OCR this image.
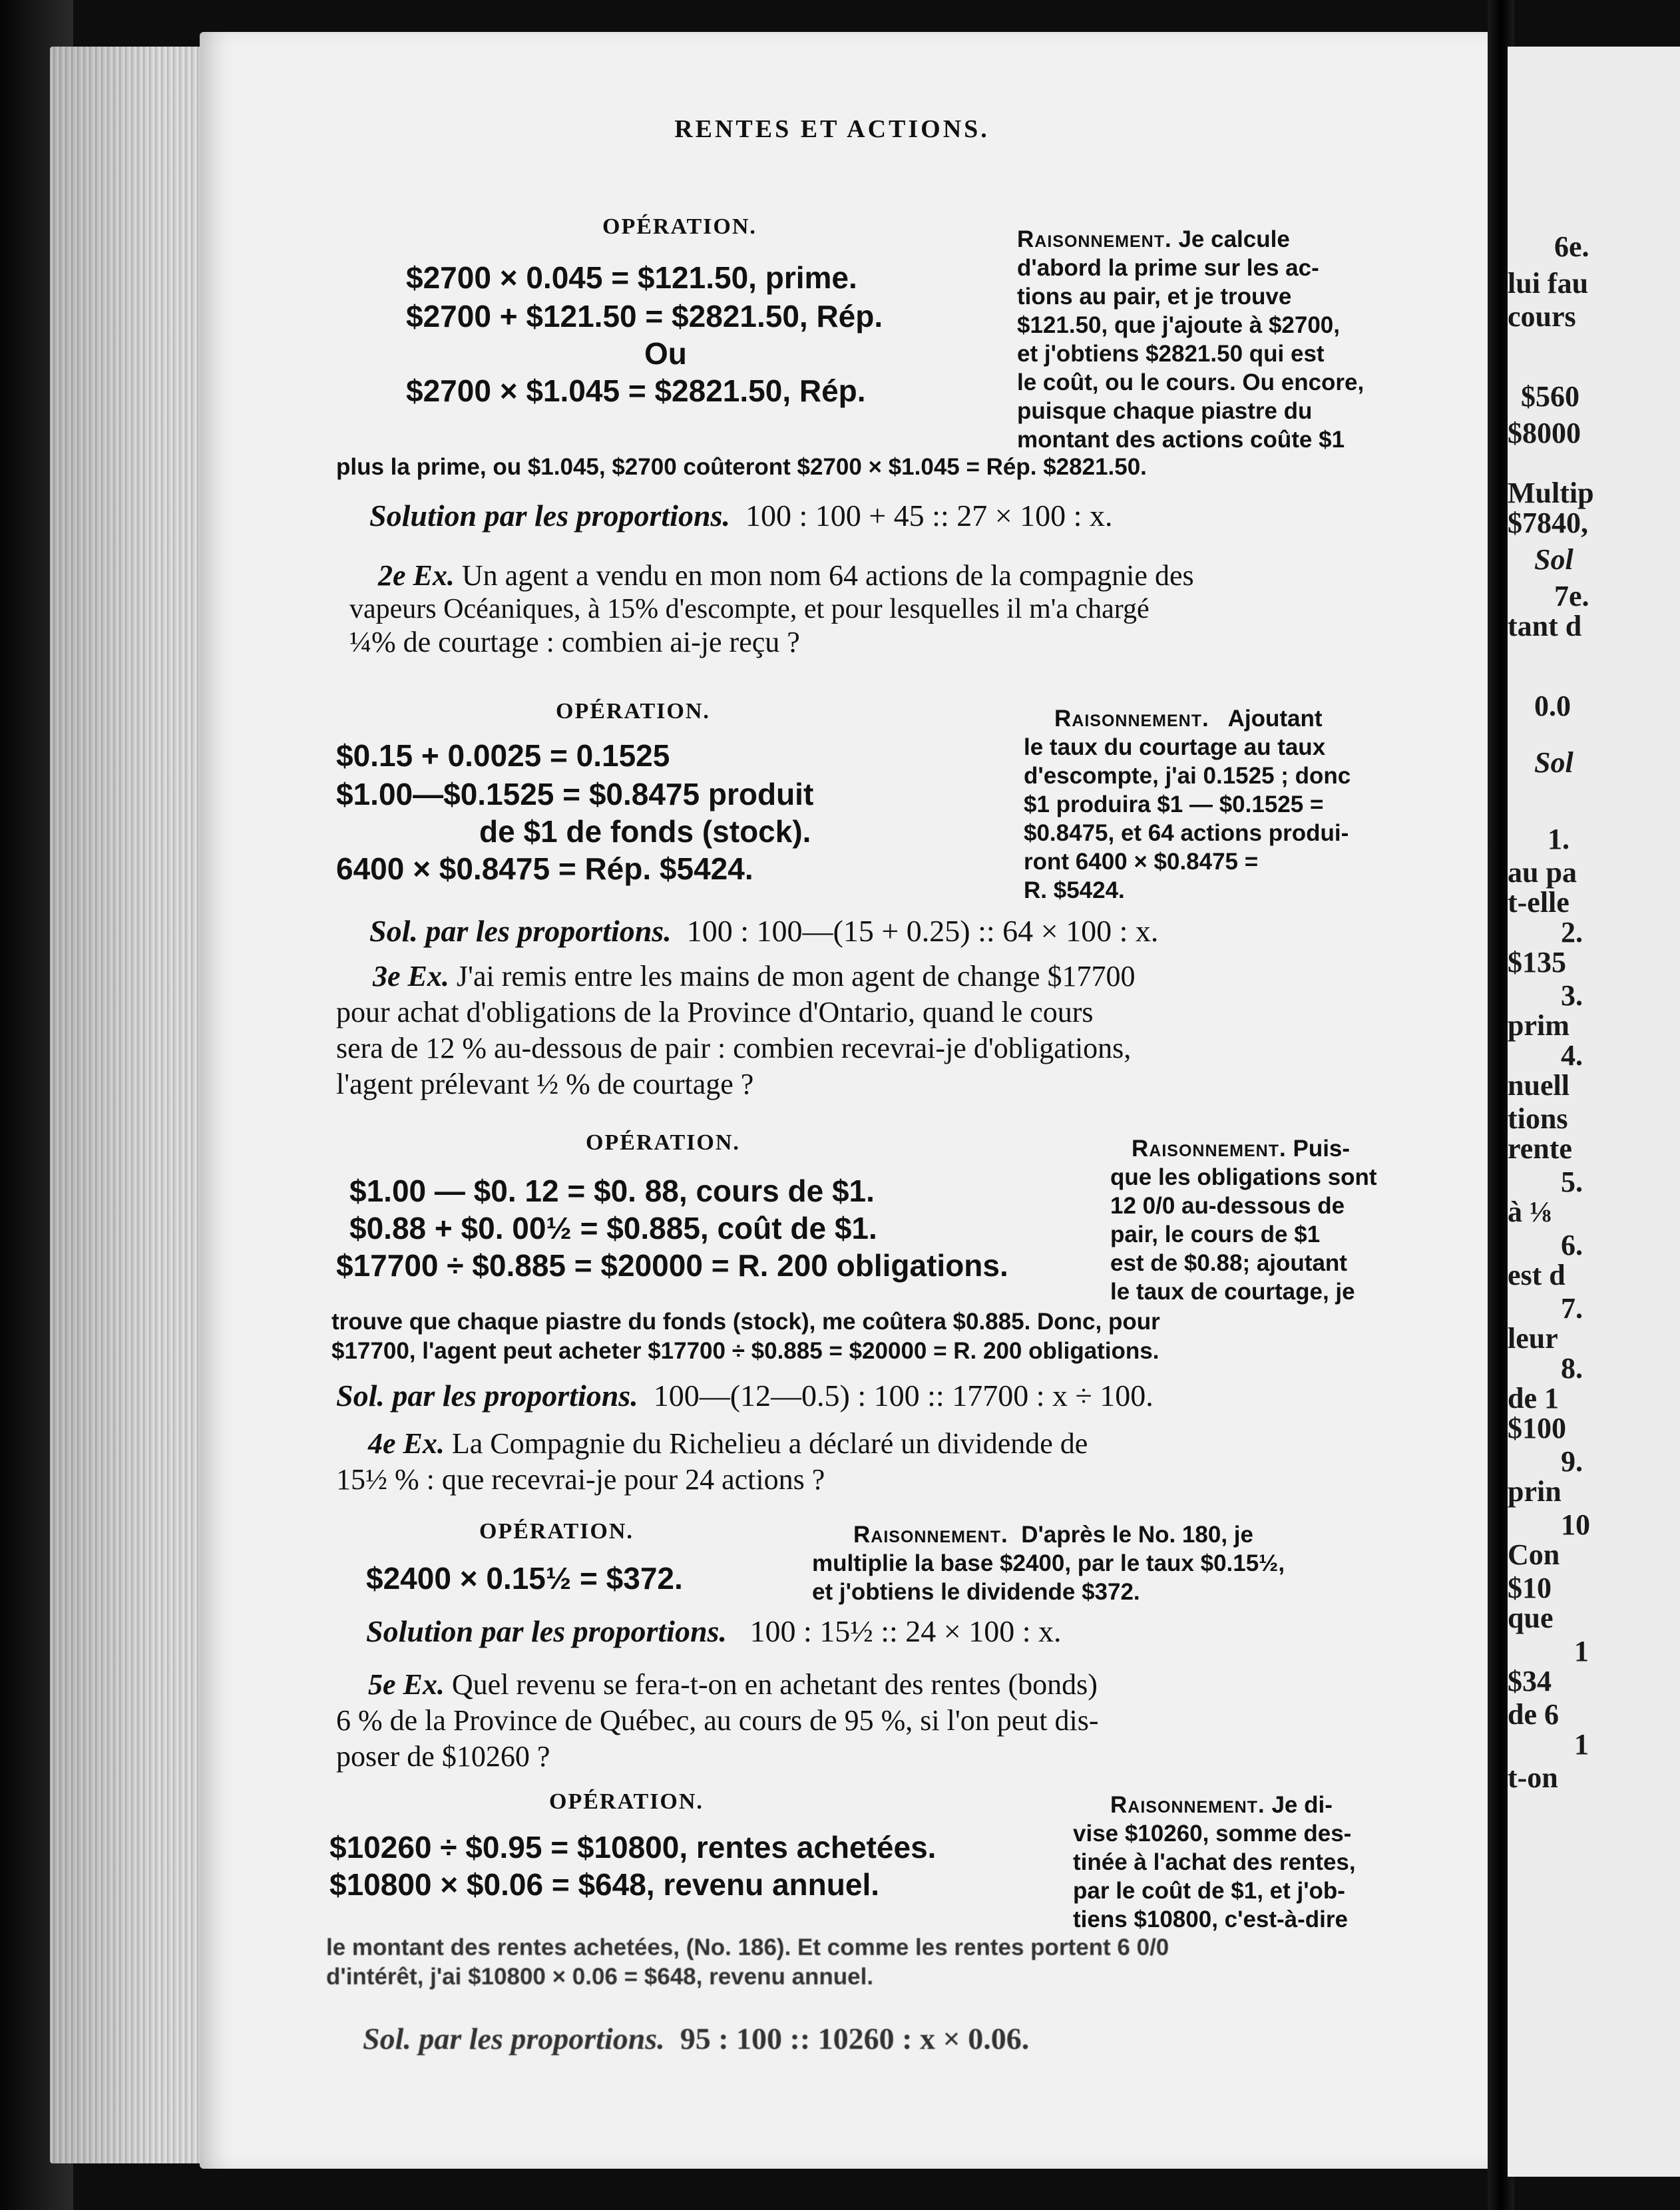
6e.
lui fau
cours
$560
$8000
Multip
$7840,
Sol
7e.
tant d
0.0
Sol
1.
au pa
t-elle
2.
$135
3.
prim
4.
nuell
tions
rente
5.
à ⅛
6.
est d
7.
leur
8.
de 1
$100
9.
prin
10
Con
$10
que
1
$34
de 6
1
t-on
RENTES ET ACTIONS.
OPÉRATION.
$2700 × 0.045 = $121.50, prime.
$2700 + $121.50 = $2821.50, Rép.
Ou
$2700 × $1.045 = $2821.50, Rép.
Raisonnement. Je calcule
d'abord la prime sur les ac-
tions au pair, et je trouve
$121.50, que j'ajoute à $2700,
et j'obtiens $2821.50 qui est
le coût, ou le cours. Ou encore,
puisque chaque piastre du
montant des actions coûte $1
plus la prime, ou $1.045, $2700 coûteront $2700 × $1.045 = Rép. $2821.50.
Solution par les proportions. 100 : 100 + 45 :: 27 × 100 : x.
2e Ex. Un agent a vendu en mon nom 64 actions de la compagnie des
vapeurs Océaniques, à 15% d'escompte, et pour lesquelles il m'a chargé
¼% de courtage : combien ai-je reçu ?
OPÉRATION.
$0.15 + 0.0025 = 0.1525
$1.00—$0.1525 = $0.8475 produit
de $1 de fonds (stock).
6400 × $0.8475 = Rép. $5424.
Raisonnement. Ajoutant
le taux du courtage au taux
d'escompte, j'ai 0.1525 ; donc
$1 produira $1 — $0.1525 =
$0.8475, et 64 actions produi-
ront 6400 × $0.8475 =
R. $5424.
Sol. par les proportions. 100 : 100—(15 + 0.25) :: 64 × 100 : x.
3e Ex. J'ai remis entre les mains de mon agent de change $17700
pour achat d'obligations de la Province d'Ontario, quand le cours
sera de 12 % au-dessous de pair : combien recevrai-je d'obligations,
l'agent prélevant ½ % de courtage ?
OPÉRATION.
$1.00 — $0. 12 = $0. 88, cours de $1.
$0.88 + $0. 00½ = $0.885, coût de $1.
$17700 ÷ $0.885 = $20000 = R. 200 obligations.
Raisonnement. Puis-
que les obligations sont
12 0/0 au-dessous de
pair, le cours de $1
est de $0.88; ajoutant
le taux de courtage, je
trouve que chaque piastre du fonds (stock), me coûtera $0.885. Donc, pour
$17700, l'agent peut acheter $17700 ÷ $0.885 = $20000 = R. 200 obligations.
Sol. par les proportions. 100—(12—0.5) : 100 :: 17700 : x ÷ 100.
4e Ex. La Compagnie du Richelieu a déclaré un dividende de
15½ % : que recevrai-je pour 24 actions ?
OPÉRATION.
$2400 × 0.15½ = $372.
Raisonnement. D'après le No. 180, je
multiplie la base $2400, par le taux $0.15½,
et j'obtiens le dividende $372.
Solution par les proportions. 100 : 15½ :: 24 × 100 : x.
5e Ex. Quel revenu se fera-t-on en achetant des rentes (bonds)
6 % de la Province de Québec, au cours de 95 %, si l'on peut dis-
poser de $10260 ?
OPÉRATION.
$10260 ÷ $0.95 = $10800, rentes achetées.
$10800 × $0.06 = $648, revenu annuel.
Raisonnement. Je di-
vise $10260, somme des-
tinée à l'achat des rentes,
par le coût de $1, et j'ob-
tiens $10800, c'est-à-dire
le montant des rentes achetées, (No. 186). Et comme les rentes portent 6 0/0
d'intérêt, j'ai $10800 × 0.06 = $648, revenu annuel.
Sol. par les proportions. 95 : 100 :: 10260 : x × 0.06.
